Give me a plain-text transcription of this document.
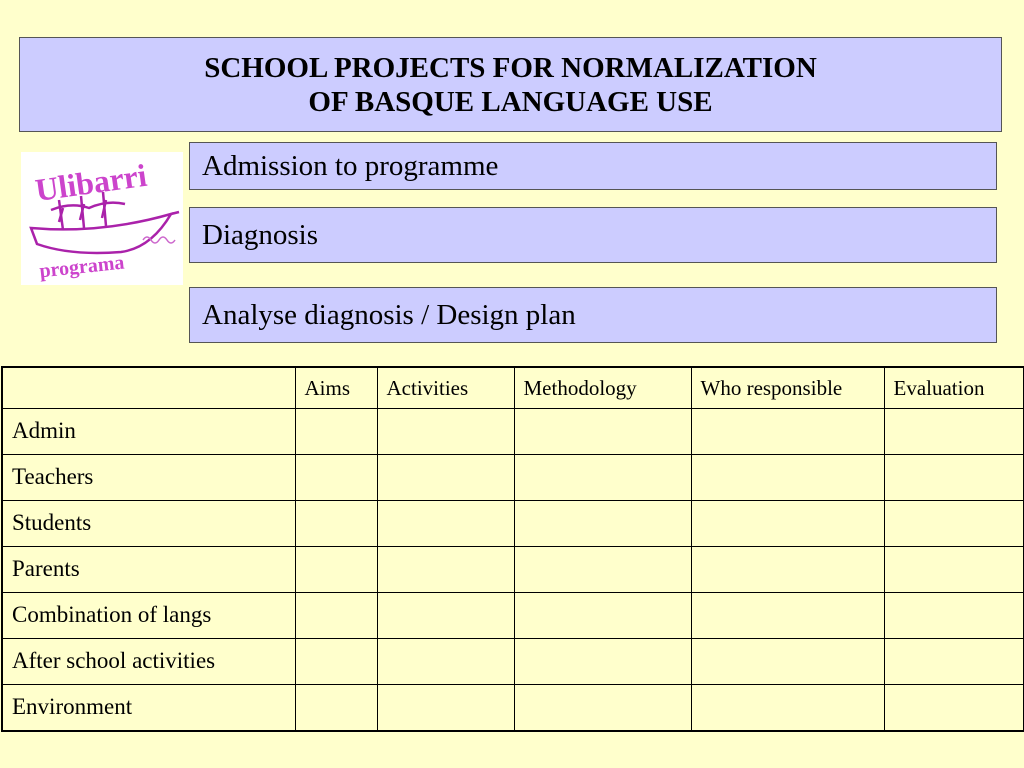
SCHOOL PROJECTS FOR NORMALIZATION
OF BASQUE LANGUAGE USE
Ulibarri
programa
Admission to programme
Diagnosis
Analyse diagnosis / Design plan
	Aims	Activities	Methodology	Who responsible	Evaluation
Admin					
Teachers					
Students					
Parents					
Combination of langs					
After school activities					
Environment					
